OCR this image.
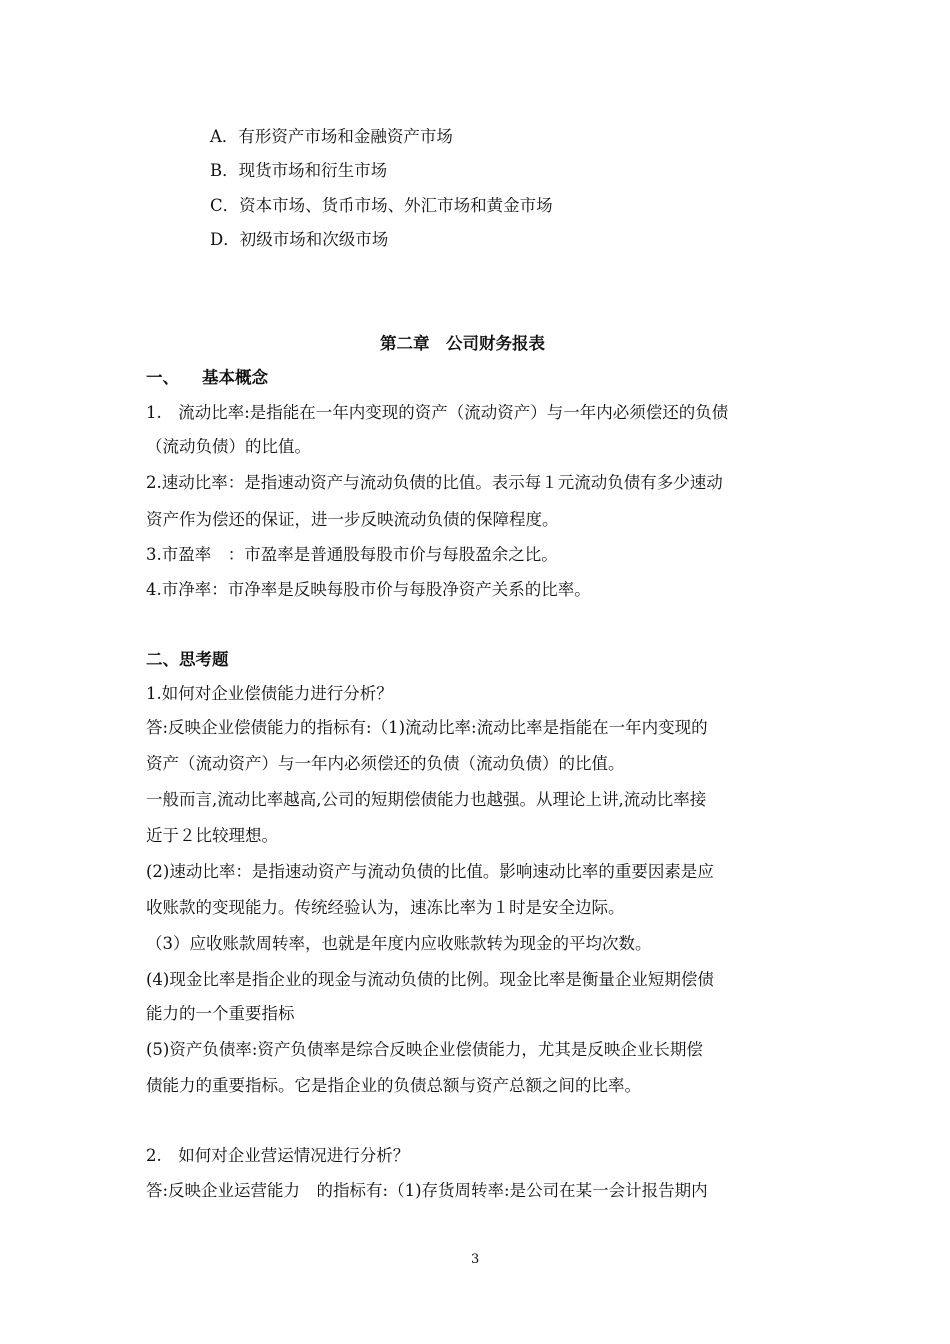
A．有形资产市场和金融资产市场
B．现货市场和衍生市场
C．资本市场、货币市场、外汇市场和黄金市场
D．初级市场和次级市场
第二章　公司财务报表
一、 基本概念
1.　流动比率:是指能在一年内变现的资产（流动资产）与一年内必须偿还的负债
（流动负债）的比值。
2.速动比率：是指速动资产与流动负债的比值。表示每１元流动负债有多少速动
资产作为偿还的保证，进一步反映流动负债的保障程度。
3.市盈率　：市盈率是普通股每股市价与每股盈余之比。
4.市净率：市净率是反映每股市价与每股净资产关系的比率。
二、思考题
1.如何对企业偿债能力进行分析？
答:反映企业偿债能力的指标有:（1)流动比率:流动比率是指能在一年内变现的
资产（流动资产）与一年内必须偿还的负债（流动负债）的比值。
一般而言,流动比率越高,公司的短期偿债能力也越强。从理论上讲,流动比率接
近于２比较理想。
(2)速动比率：是指速动资产与流动负债的比值。影响速动比率的重要因素是应
收账款的变现能力。传统经验认为，速冻比率为１时是安全边际。
（3）应收账款周转率，也就是年度内应收账款转为现金的平均次数。
(4)现金比率是指企业的现金与流动负债的比例。现金比率是衡量企业短期偿债
能力的一个重要指标
(5)资产负债率:资产负债率是综合反映企业偿债能力，尤其是反映企业长期偿
债能力的重要指标。它是指企业的负债总额与资产总额之间的比率。
2.　如何对企业营运情况进行分析？
答:反映企业运营能力　的指标有:（1)存货周转率:是公司在某一会计报告期内
3
